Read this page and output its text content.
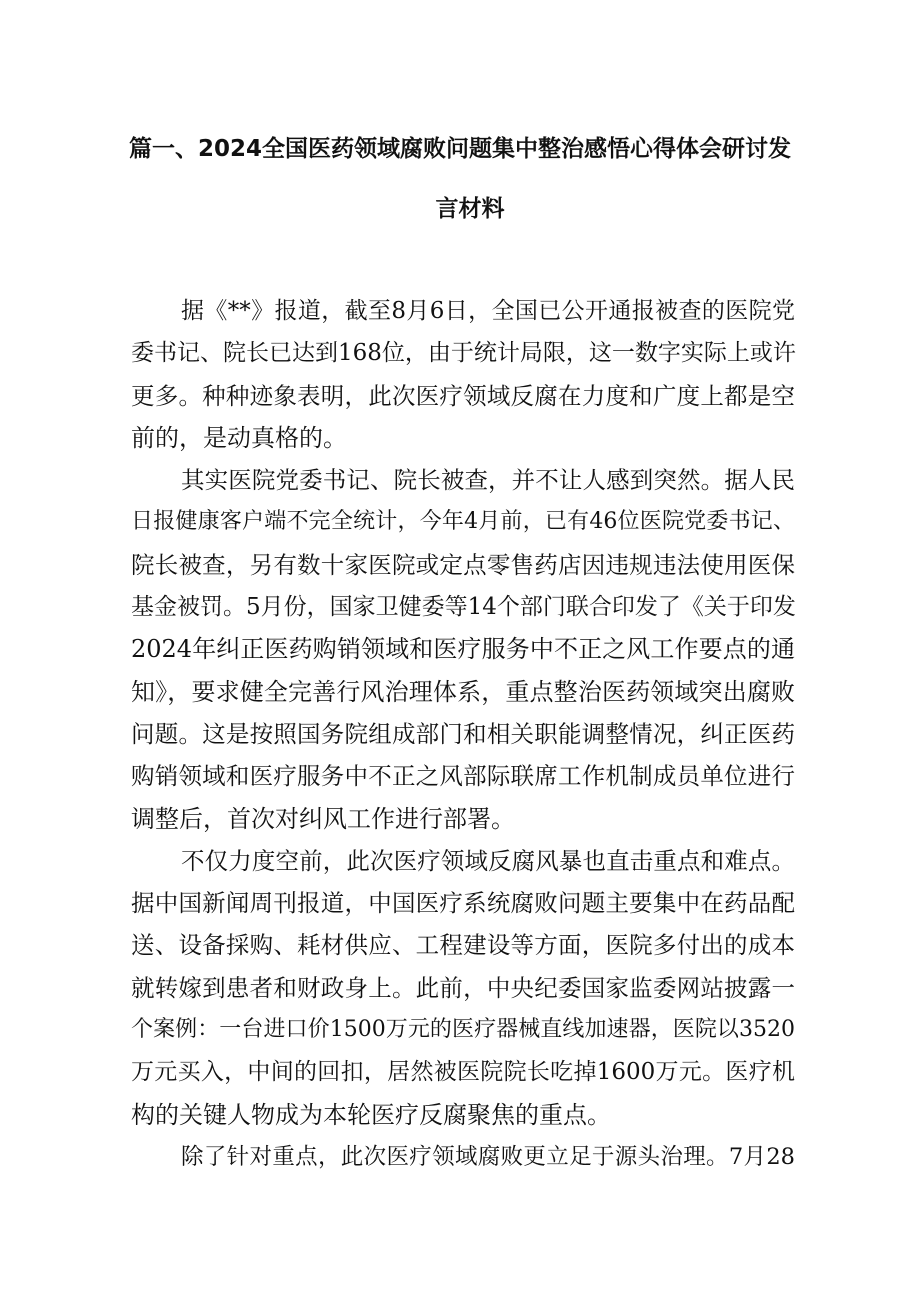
篇一、2024全国医药领域腐败问题集中整治感悟心得体会研讨发
言材料
据《**》报道，截至8月6日，全国已公开通报被查的医院党
委书记、院长已达到168位，由于统计局限，这一数字实际上或许
更多。种种迹象表明，此次医疗领域反腐在力度和广度上都是空
前的，是动真格的。
其实医院党委书记、院长被查，并不让人感到突然。据人民
日报健康客户端不完全统计，今年4月前，已有46位医院党委书记、
院长被查，另有数十家医院或定点零售药店因违规违法使用医保
基金被罚。5月份，国家卫健委等14个部门联合印发了《关于印发
2024年纠正医药购销领域和医疗服务中不正之风工作要点的通
知》，要求健全完善行风治理体系，重点整治医药领域突出腐败
问题。这是按照国务院组成部门和相关职能调整情况，纠正医药
购销领域和医疗服务中不正之风部际联席工作机制成员单位进行
调整后，首次对纠风工作进行部署。
不仅力度空前，此次医疗领域反腐风暴也直击重点和难点。
据中国新闻周刊报道，中国医疗系统腐败问题主要集中在药品配
送、设备採购、耗材供应、工程建设等方面，医院多付出的成本
就转嫁到患者和财政身上。此前，中央纪委国家监委网站披露一
个案例：一台进口价1500万元的医疗器械直线加速器，医院以3520
万元买入，中间的回扣，居然被医院院长吃掉1600万元。医疗机
构的关键人物成为本轮医疗反腐聚焦的重点。
除了针对重点，此次医疗领域腐败更立足于源头治理。7月28
